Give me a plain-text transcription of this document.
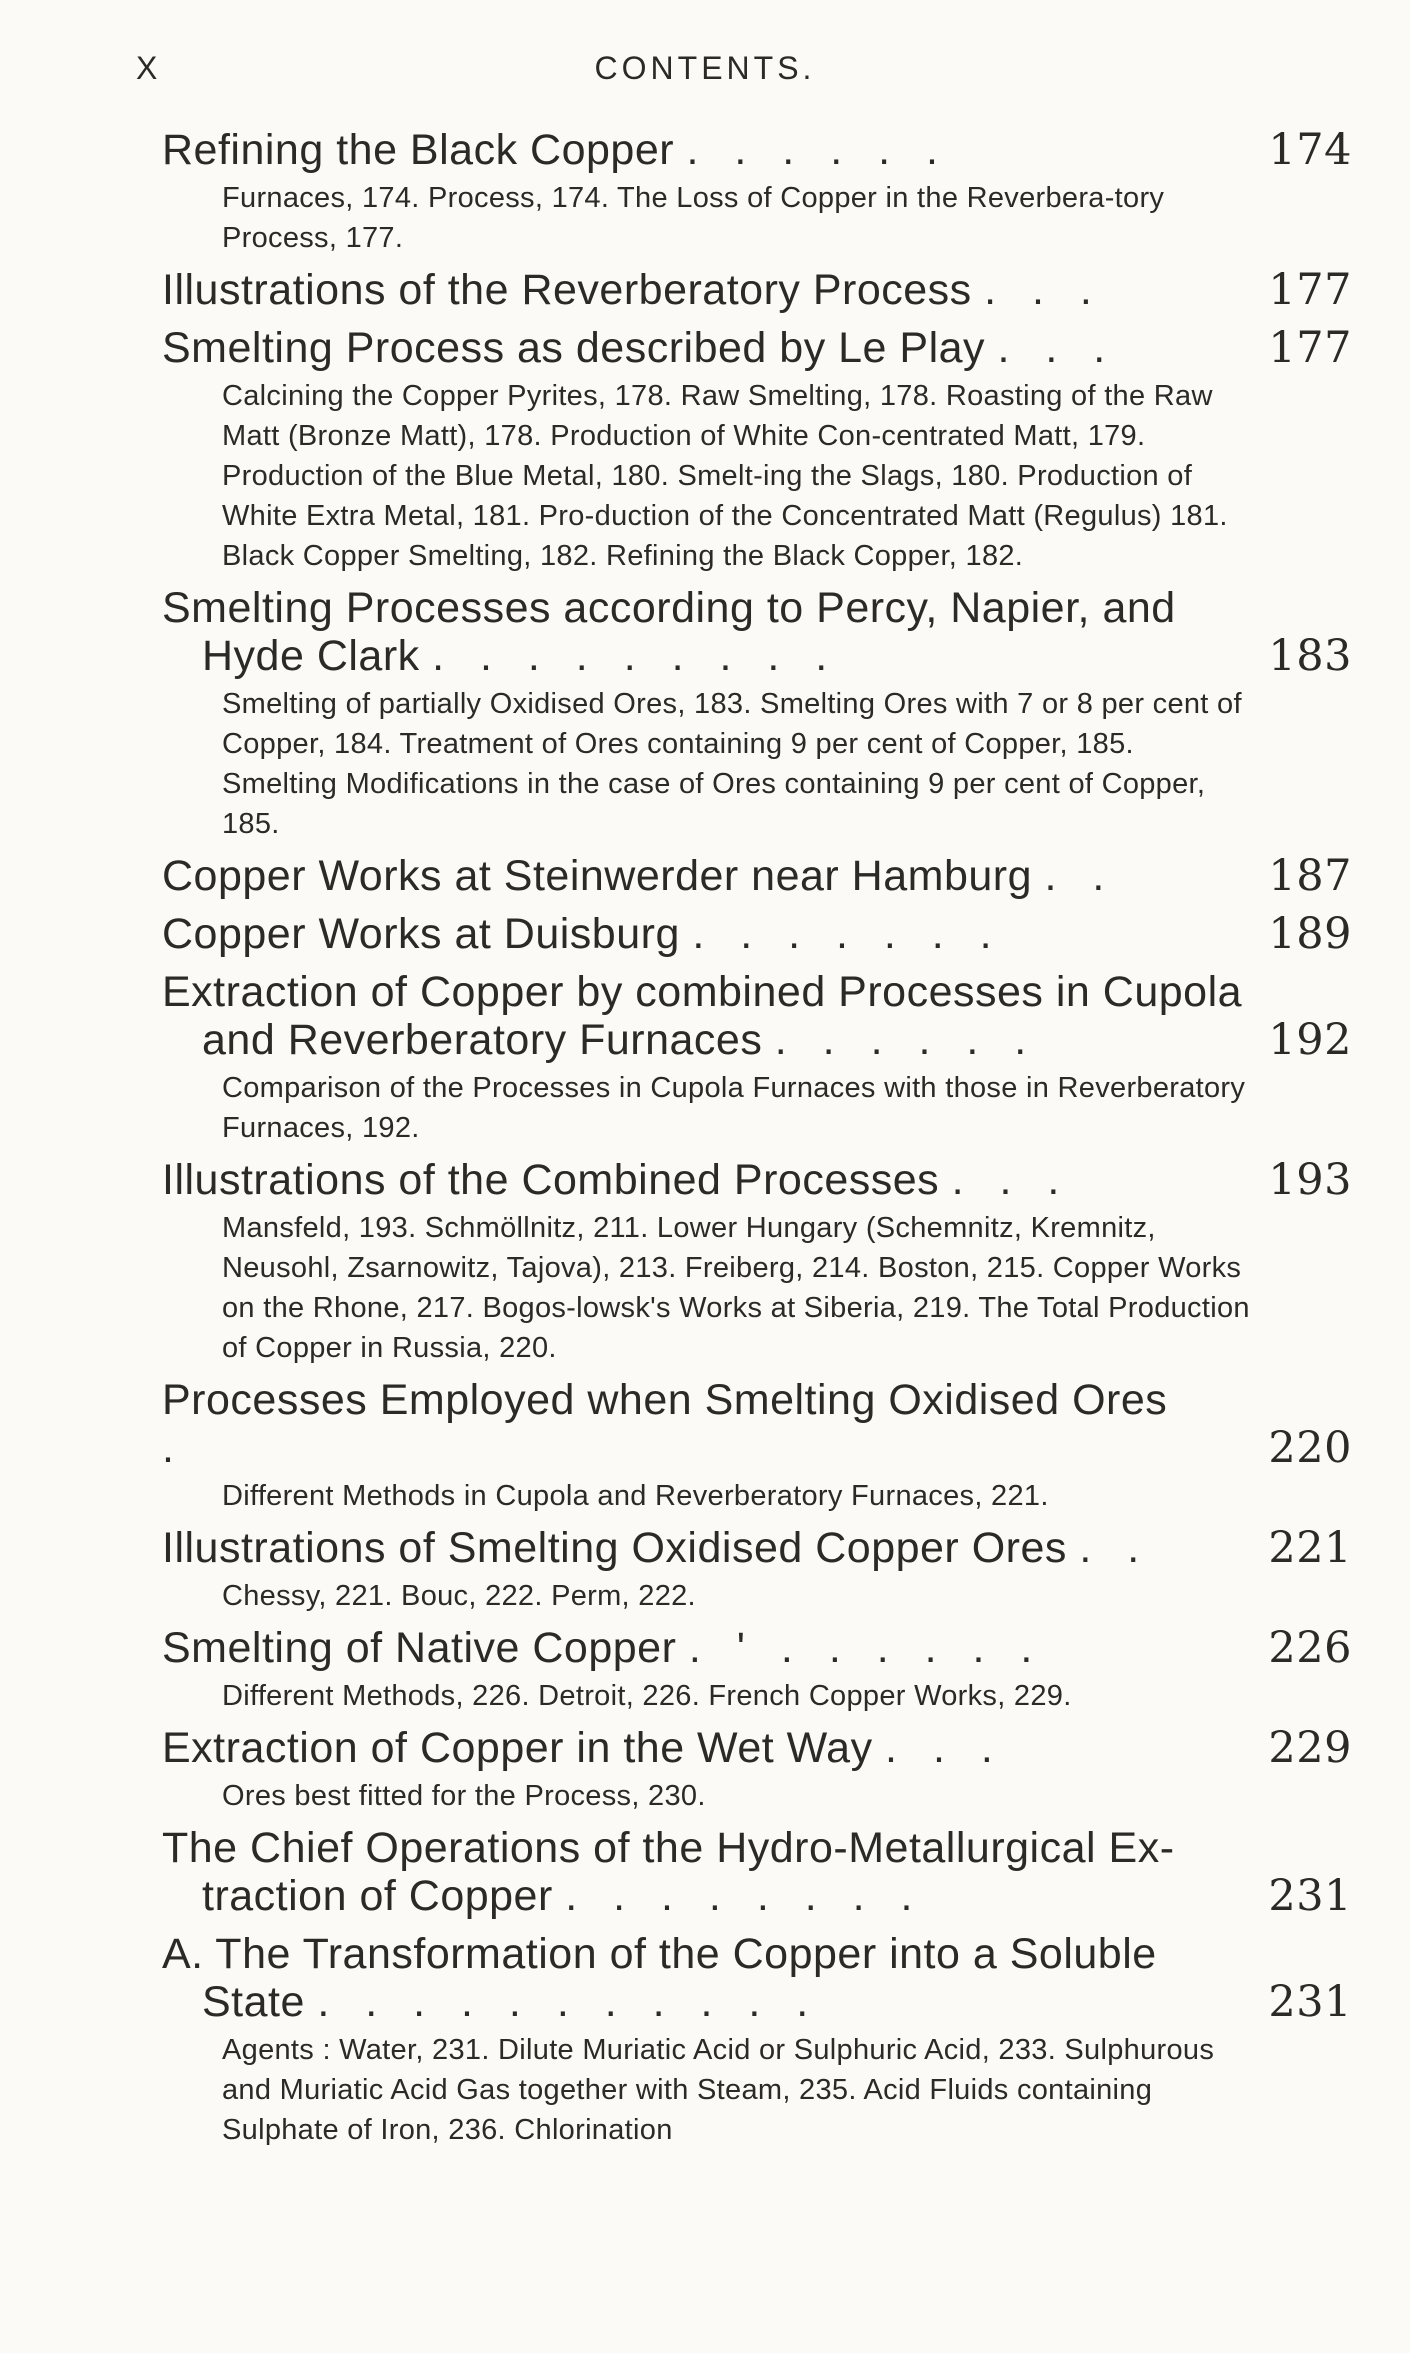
X	CONTENTS.
Refining the Black Copper . . . . . .	174
Furnaces, 174. Process, 174. The Loss of Copper in the Reverbera-tory Process, 177.
Illustrations of the Reverberatory Process . . .	177
Smelting Process as described by Le Play . . .	177
Calcining the Copper Pyrites, 178. Raw Smelting, 178. Roasting of the Raw Matt (Bronze Matt), 178. Production of White Con-centrated Matt, 179. Production of the Blue Metal, 180. Smelt-ing the Slags, 180. Production of White Extra Metal, 181. Pro-duction of the Concentrated Matt (Regulus) 181. Black Copper Smelting, 182. Refining the Black Copper, 182.
Smelting Processes according to Percy, Napier, and
Hyde Clark . . . . . . . . .	183
Smelting of partially Oxidised Ores, 183. Smelting Ores with 7 or 8 per cent of Copper, 184. Treatment of Ores containing 9 per cent of Copper, 185. Smelting Modifications in the case of Ores containing 9 per cent of Copper, 185.
Copper Works at Steinwerder near Hamburg . .	187
Copper Works at Duisburg . . . . . . .	189
Extraction of Copper by combined Processes in Cupola
and Reverberatory Furnaces . . . . . .	192
Comparison of the Processes in Cupola Furnaces with those in Reverberatory Furnaces, 192.
Illustrations of the Combined Processes . . .	193
Mansfeld, 193. Schmöllnitz, 211. Lower Hungary (Schemnitz, Kremnitz, Neusohl, Zsarnowitz, Tajova), 213. Freiberg, 214. Boston, 215. Copper Works on the Rhone, 217. Bogos-lowsk's Works at Siberia, 219. The Total Production of Copper in Russia, 220.
Processes Employed when Smelting Oxidised Ores .	220
Different Methods in Cupola and Reverberatory Furnaces, 221.
Illustrations of Smelting Oxidised Copper Ores . .	221
Chessy, 221. Bouc, 222. Perm, 222.
Smelting of Native Copper . ' . . . . . .	226
Different Methods, 226. Detroit, 226. French Copper Works, 229.
Extraction of Copper in the Wet Way . . .	229
Ores best fitted for the Process, 230.
The Chief Operations of the Hydro-Metallurgical Ex-
traction of Copper . . . . . . . .	231
A. The Transformation of the Copper into a Soluble
State . . . . . . . . . . .	231
Agents : Water, 231. Dilute Muriatic Acid or Sulphuric Acid, 233. Sulphurous and Muriatic Acid Gas together with Steam, 235. Acid Fluids containing Sulphate of Iron, 236. Chlorination
